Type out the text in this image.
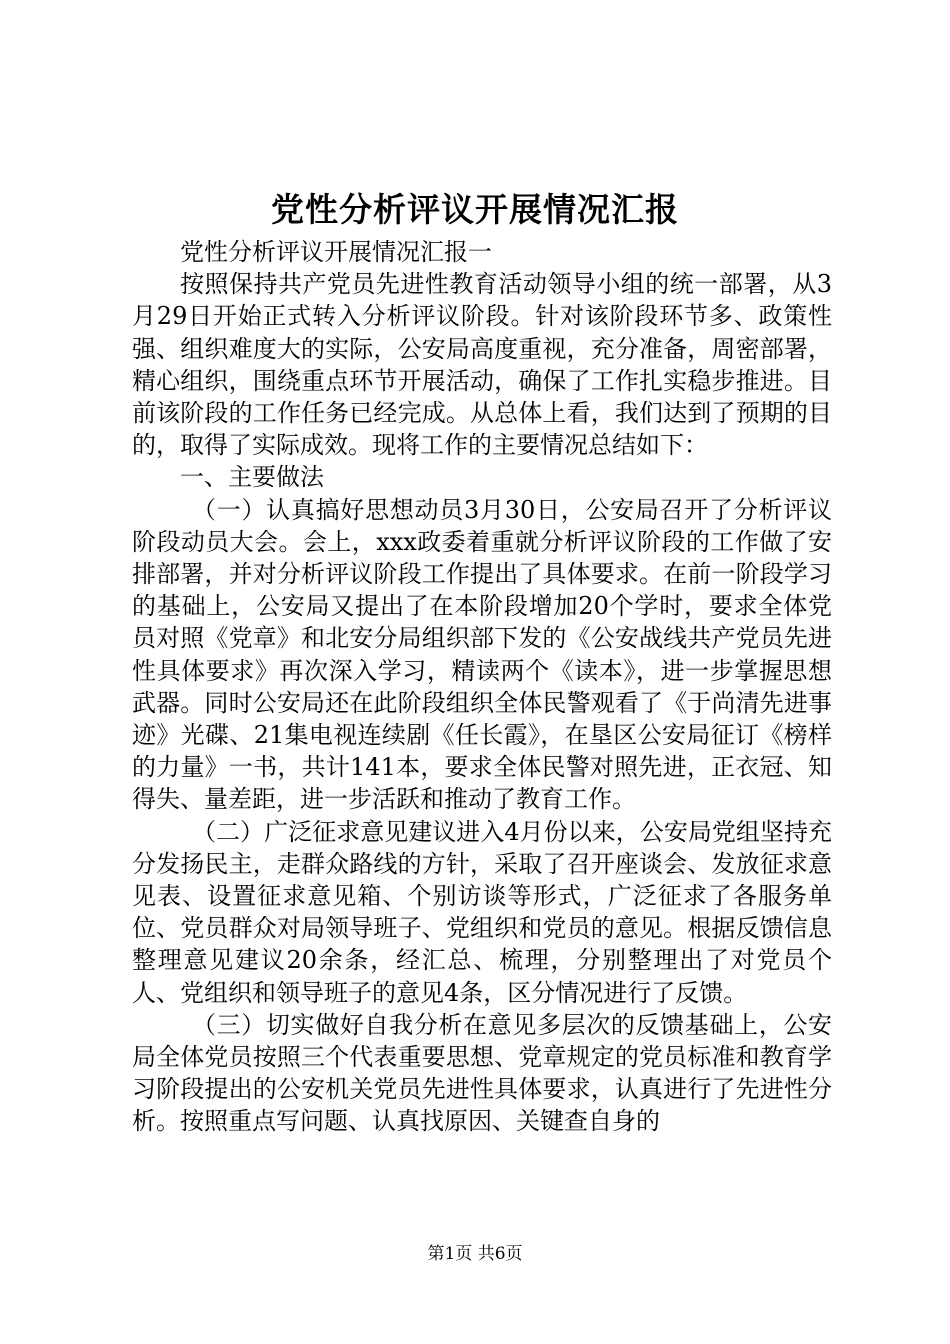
党性分析评议开展情况汇报

党性分析评议开展情况汇报一

按照保持共产党员先进性教育活动领导小组的统一部署，从3月29日开始正式转入分析评议阶段。针对该阶段环节多、政策性强、组织难度大的实际，公安局高度重视，充分准备，周密部署，精心组织，围绕重点环节开展活动，确保了工作扎实稳步推进。目前该阶段的工作任务已经完成。从总体上看，我们达到了预期的目的，取得了实际成效。现将工作的主要情况总结如下：

一、主要做法

（一）认真搞好思想动员3月30日，公安局召开了分析评议阶段动员大会。会上，xxx政委着重就分析评议阶段的工作做了安排部署，并对分析评议阶段工作提出了具体要求。在前一阶段学习的基础上，公安局又提出了在本阶段增加20个学时，要求全体党员对照《党章》和北安分局组织部下发的《公安战线共产党员先进性具体要求》再次深入学习，精读两个《读本》，进一步掌握思想武器。同时公安局还在此阶段组织全体民警观看了《于尚清先进事迹》光碟、21集电视连续剧《任长霞》，在垦区公安局征订《榜样的力量》一书，共计141本，要求全体民警对照先进，正衣冠、知得失、量差距，进一步活跃和推动了教育工作。

（二）广泛征求意见建议进入4月份以来，公安局党组坚持充分发扬民主，走群众路线的方针，采取了召开座谈会、发放征求意见表、设置征求意见箱、个别访谈等形式，广泛征求了各服务单位、党员群众对局领导班子、党组织和党员的意见。根据反馈信息整理意见建议20余条，经汇总、梳理，分别整理出了对党员个人、党组织和领导班子的意见4条，区分情况进行了反馈。

（三）切实做好自我分析在意见多层次的反馈基础上，公安局全体党员按照三个代表重要思想、党章规定的党员标准和教育学习阶段提出的公安机关党员先进性具体要求，认真进行了先进性分析。按照重点写问题、认真找原因、关键查自身的

第1页 共6页
